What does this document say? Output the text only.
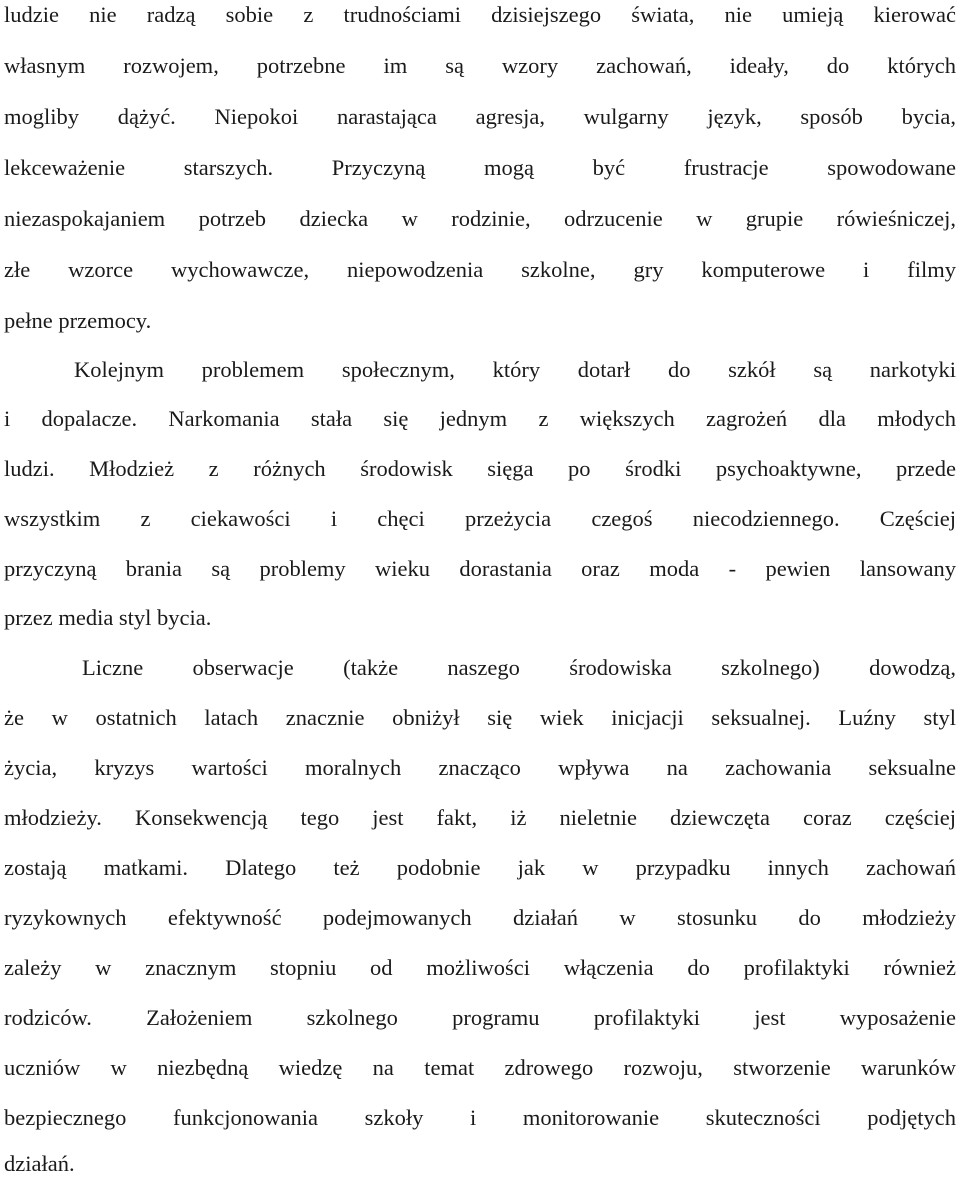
ludzie nie radzą sobie z trudnościami dzisiejszego świata, nie umieją kierować
własnym rozwojem, potrzebne im są wzory zachowań, ideały, do których
mogliby dążyć. Niepokoi narastająca agresja, wulgarny język, sposób bycia,
lekceważenie starszych. Przyczyną mogą być frustracje spowodowane
niezaspokajaniem potrzeb dziecka w rodzinie, odrzucenie w grupie rówieśniczej,
złe wzorce wychowawcze, niepowodzenia szkolne, gry komputerowe i filmy
pełne przemocy.
Kolejnym problemem społecznym, który dotarł do szkół są narkotyki
i dopalacze. Narkomania stała się jednym z większych zagrożeń dla młodych
ludzi. Młodzież z różnych środowisk sięga po środki psychoaktywne, przede
wszystkim z ciekawości i chęci przeżycia czegoś niecodziennego. Częściej
przyczyną brania są problemy wieku dorastania oraz moda - pewien lansowany
przez media styl bycia.
Liczne obserwacje (także naszego środowiska szkolnego) dowodzą,
że w ostatnich latach znacznie obniżył się wiek inicjacji seksualnej. Luźny styl
życia, kryzys wartości moralnych znacząco wpływa na zachowania seksualne
młodzieży. Konsekwencją tego jest fakt, iż nieletnie dziewczęta coraz częściej
zostają matkami. Dlatego też podobnie jak w przypadku innych zachowań
ryzykownych efektywność podejmowanych działań w stosunku do młodzieży
zależy w znacznym stopniu od możliwości włączenia do profilaktyki również
rodziców. Założeniem szkolnego programu profilaktyki jest wyposażenie
uczniów w niezbędną wiedzę na temat zdrowego rozwoju, stworzenie warunków
bezpiecznego funkcjonowania szkoły i monitorowanie skuteczności podjętych
działań.
